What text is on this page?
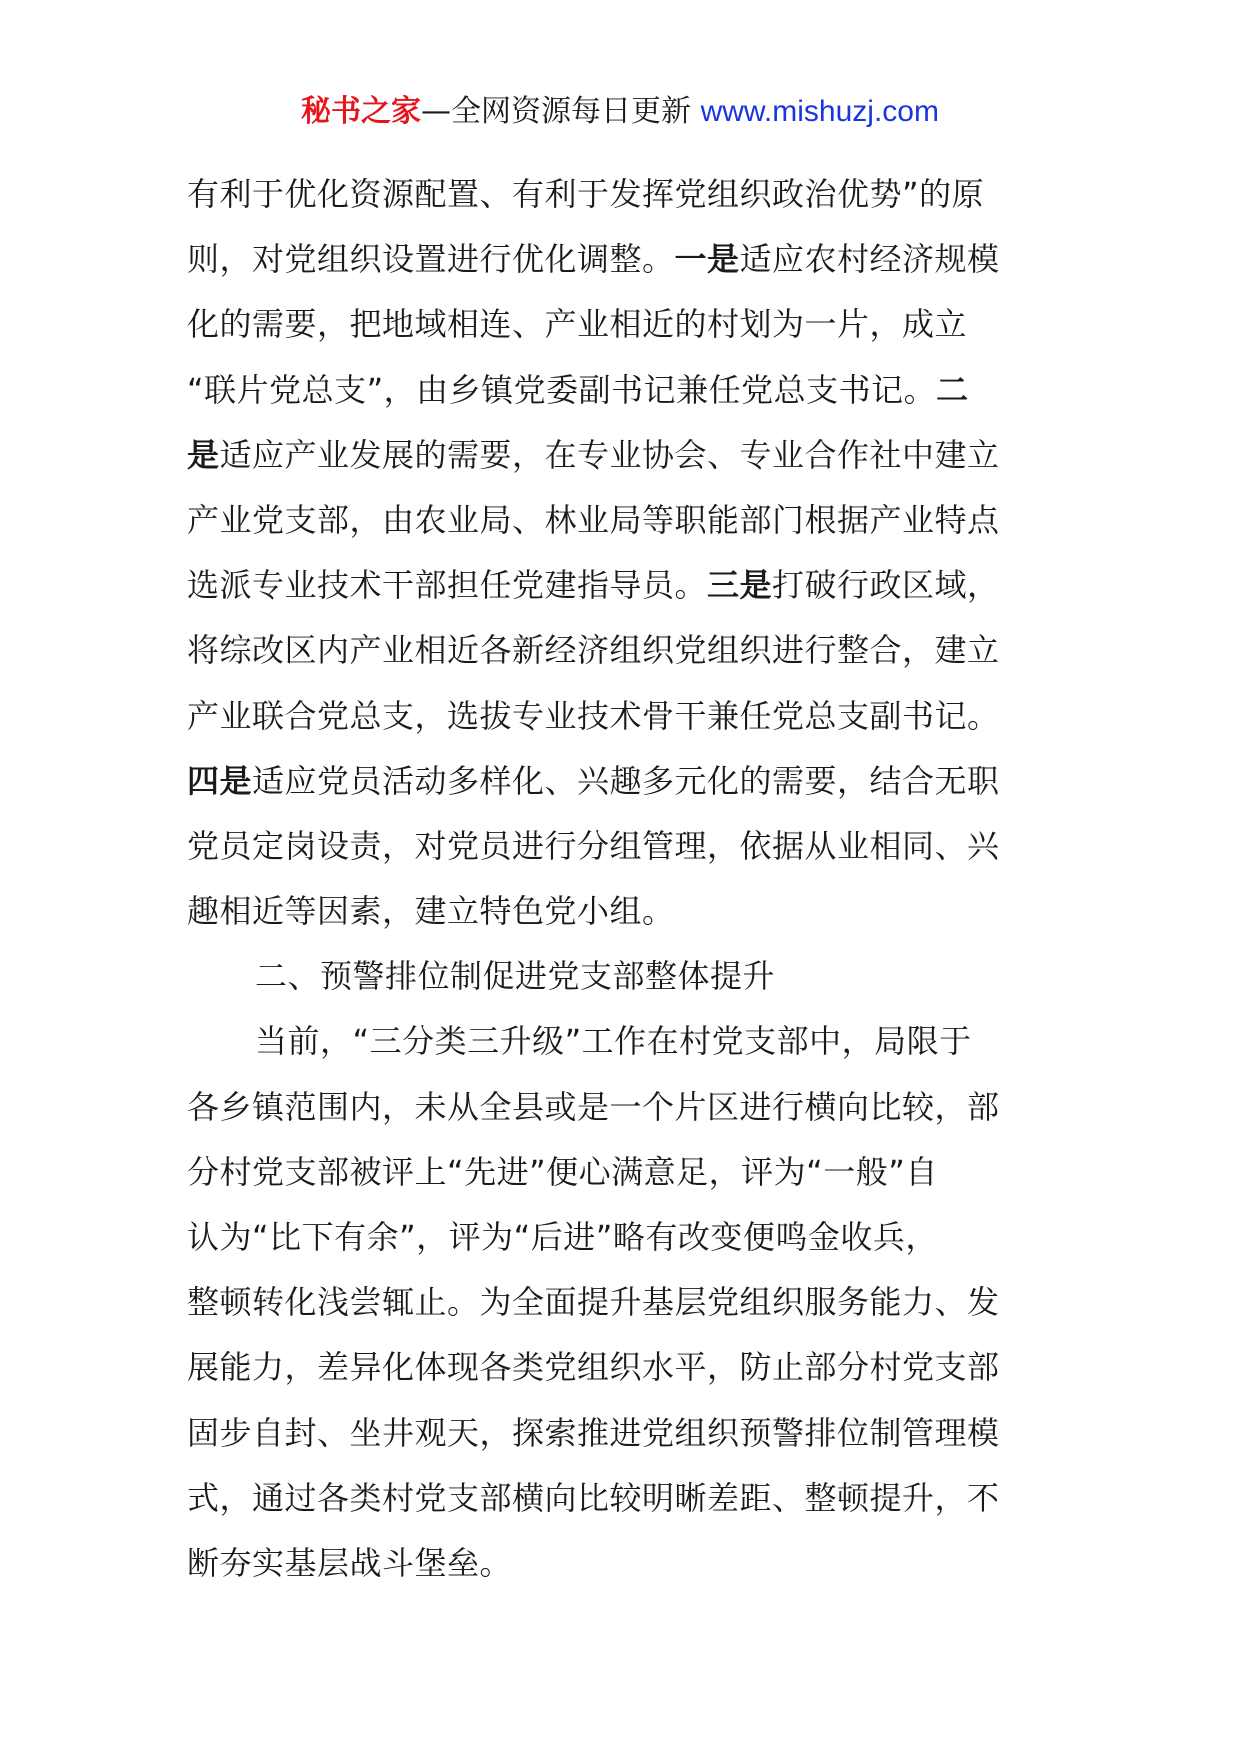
秘书之家—全网资源每日更新 www.mishuzj.com
有利于优化资源配置、有利于发挥党组织政治优势”的原
则，对党组织设置进行优化调整。一是适应农村经济规模
化的需要，把地域相连、产业相近的村划为一片，成立
“联片党总支”，由乡镇党委副书记兼任党总支书记。二
是适应产业发展的需要，在专业协会、专业合作社中建立
产业党支部，由农业局、林业局等职能部门根据产业特点
选派专业技术干部担任党建指导员。三是打破行政区域，
将综改区内产业相近各新经济组织党组织进行整合，建立
产业联合党总支，选拔专业技术骨干兼任党总支副书记。
四是适应党员活动多样化、兴趣多元化的需要，结合无职
党员定岗设责，对党员进行分组管理，依据从业相同、兴
趣相近等因素，建立特色党小组。
二、预警排位制促进党支部整体提升
当前，“三分类三升级”工作在村党支部中，局限于
各乡镇范围内，未从全县或是一个片区进行横向比较，部
分村党支部被评上“先进”便心满意足，评为“一般”自
认为“比下有余”，评为“后进”略有改变便鸣金收兵，
整顿转化浅尝辄止。为全面提升基层党组织服务能力、发
展能力，差异化体现各类党组织水平，防止部分村党支部
固步自封、坐井观天，探索推进党组织预警排位制管理模
式，通过各类村党支部横向比较明晰差距、整顿提升，不
断夯实基层战斗堡垒。
